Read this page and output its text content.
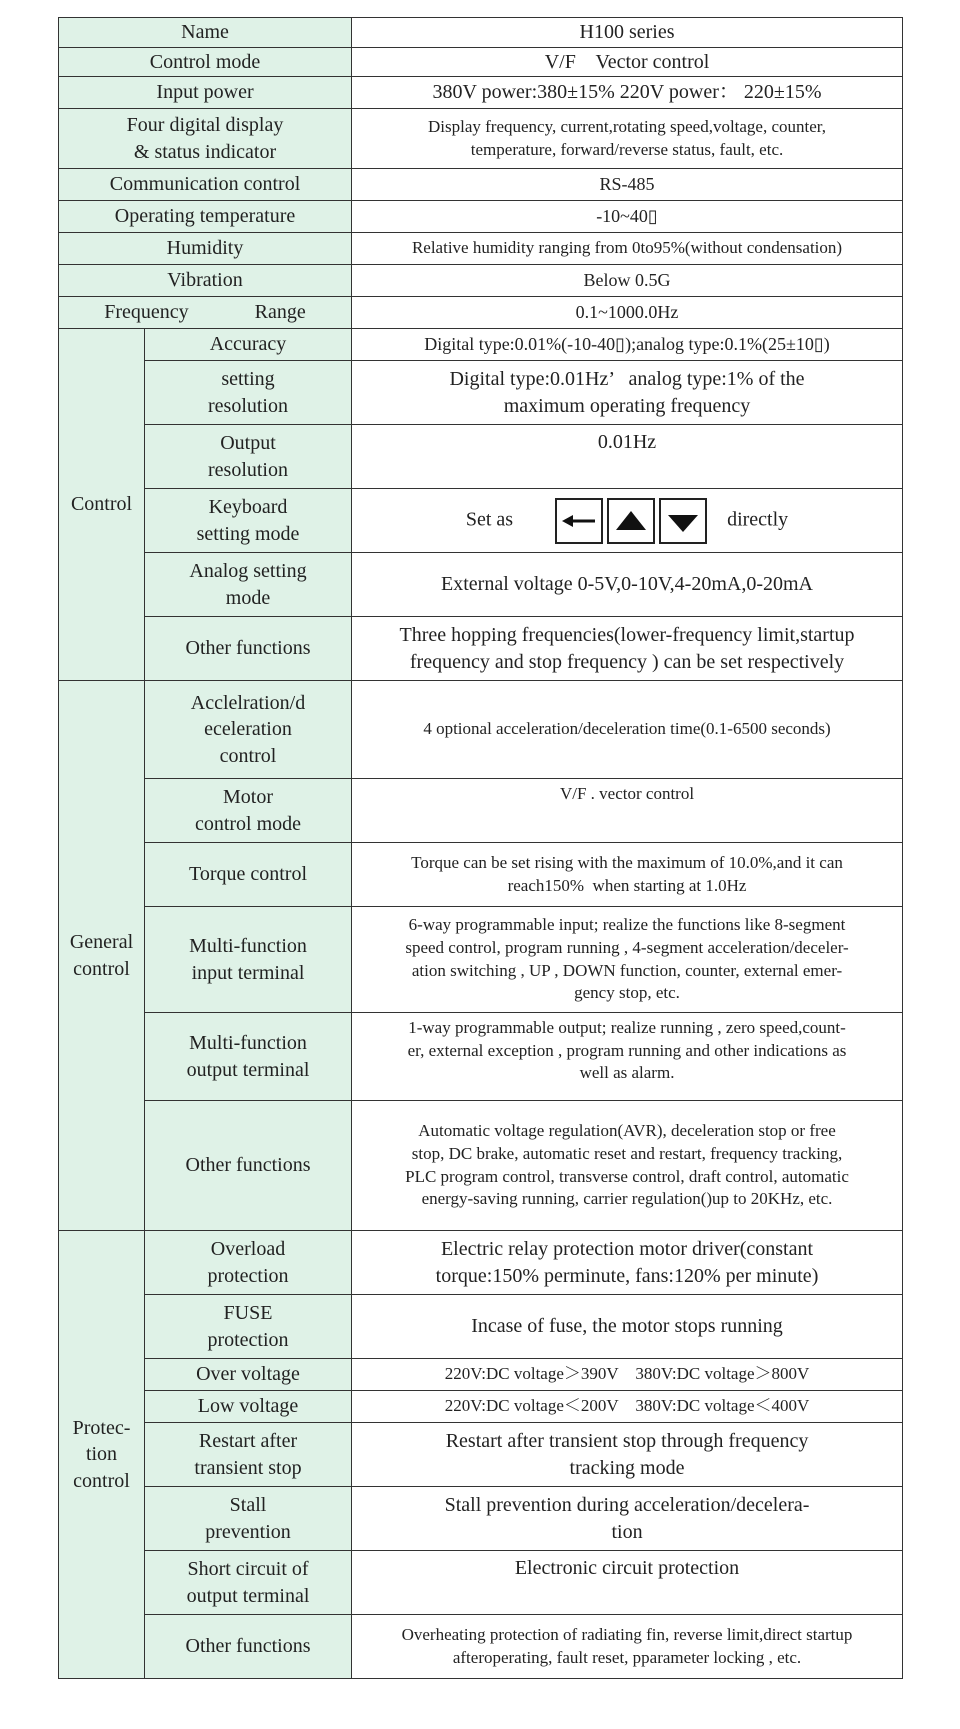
Name		H100 series
Control mode		V/F    Vector control
Input power		380V power:380±15% 220V power： 220±15%
Four digital display
& status indicator		Display frequency, current,rotating speed,voltage, counter,
temperature, forward/reverse status, fault, etc.
Communication control		RS-485
Operating temperature		-10~40▯
Humidity		Relative humidity ranging from 0to95%(without condensation)
Vibration		Below 0.5G
Frequency Range		0.1~1000.0Hz
Control	Accuracy	Digital type:0.01%(-10-40▯);analog type:0.1%(25±10▯)
	setting
resolution	Digital type:0.01Hz’   analog type:1% of the
maximum operating frequency
	Output
resolution	0.01Hz
	Keyboard
setting mode	Set as directly
	Analog setting
mode	External voltage 0-5V,0-10V,4-20mA,0-20mA
	Other functions	Three hopping frequencies(lower-frequency limit,startup
frequency and stop frequency ) can be set respectively
General
control	Acclelration/d
eceleration
control	4 optional acceleration/deceleration time(0.1-6500 seconds)
	Motor
control mode	V/F . vector control
	Torque control	Torque can be set rising with the maximum of 10.0%,and it can
reach150%  when starting at 1.0Hz
	Multi-function
input terminal	6-way programmable input; realize the functions like 8-segment
speed control, program running , 4-segment acceleration/deceler-
ation switching , UP , DOWN function, counter, external emer-
gency stop, etc.
	Multi-function
output terminal	1-way programmable output; realize running , zero speed,count-
er, external exception , program running and other indications as
well as alarm.
	Other functions	Automatic voltage regulation(AVR), deceleration stop or free
stop, DC brake, automatic reset and restart, frequency tracking,
PLC program control, transverse control, draft control, automatic
energy-saving running, carrier regulation()up to 20KHz, etc.
Protec-
tion
control	Overload
protection	Electric relay protection motor driver(constant
torque:150% perminute, fans:120% per minute)
	FUSE
protection	Incase of fuse, the motor stops running
	Over voltage	220V:DC voltage＞390V    380V:DC voltage＞800V
	Low voltage	220V:DC voltage＜200V    380V:DC voltage＜400V
	Restart after
transient stop	Restart after transient stop through frequency
tracking mode
	Stall
prevention	Stall prevention during acceleration/decelera-
tion
	Short circuit of
output terminal	Electronic circuit protection
	Other functions	Overheating protection of radiating fin, reverse limit,direct startup
afteroperating, fault reset, pparameter locking , etc.
